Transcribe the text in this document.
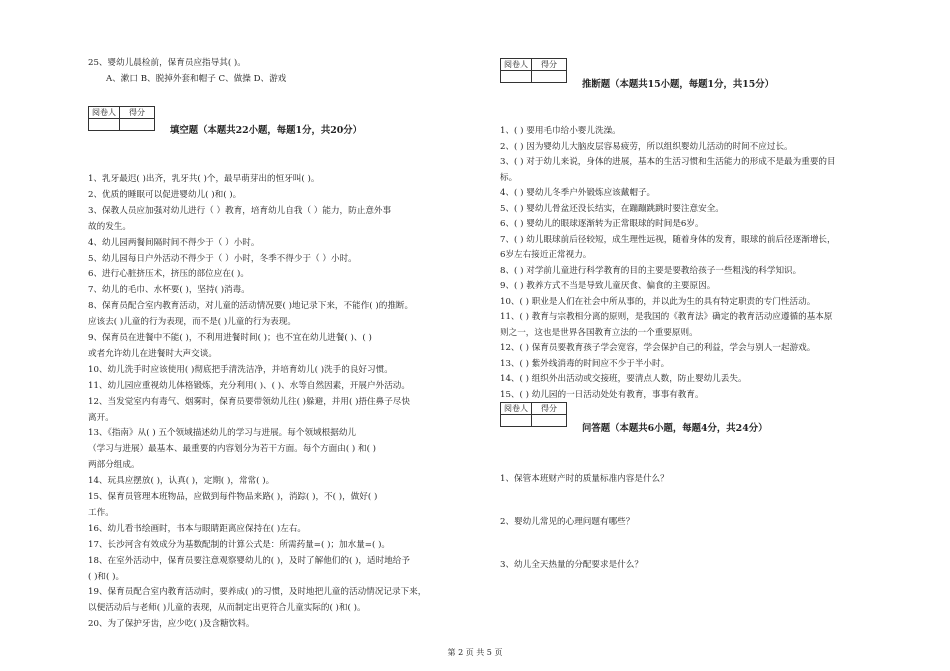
25、婴幼儿晨检前，保育员应指导其( )。
A、漱口 B、脱掉外套和帽子 C、做操 D、游戏
阅卷人	得分

填空题（本题共22小题，每题1分，共20分）
1、乳牙最迟( )出齐，乳牙共( )个，最早萌芽出的恒牙叫( )。
2、优质的睡眠可以促进婴幼儿( )和( )。
3、保教人员应加强对幼儿进行（ ）教育，培育幼儿自我（ ）能力，防止意外事
故的发生。
4、幼儿园两餐间隔时间不得少于（ ）小时。
5、幼儿园每日户外活动不得少于（ ）小时，冬季不得少于（ ）小时。
6、进行心脏挤压术，挤压的部位应在( )。
7、幼儿的毛巾、水杯要( )，坚持( )消毒。
8、保育员配合室内教育活动，对儿童的活动情况要( )地记录下来，不能作( )的推断。
应该去( )儿童的行为表现，而不是( )儿童的行为表现。
9、保育员在进餐中不能( )，不利用进餐时间( )；也不宜在幼儿进餐( )、( )
或者允许幼儿在进餐时大声交谈。
10、幼儿洗手时应该使用( )彻底把手清洗洁净，并培育幼儿( )洗手的良好习惯。
11、幼儿园应重视幼儿体格锻炼，充分利用( )、( )、水等自然因素，开展户外活动。
12、当发觉室内有毒气、烟雾时，保育员要带领幼儿往( )躲避，并用( )捂住鼻子尽快
离开。
13、《指南》从( ) 五个领域描述幼儿的学习与进展。每个领域根据幼儿
（学习与进展）最基本、最重要的内容划分为若干方面。每个方面由( ) 和( )
两部分组成。
14、玩具应摆放( )，认真( )，定期( )，常常( )。
15、保育员管理本班物品，应做到每件物品来路( )，消踪( )，不( )，做好( )
工作。
16、幼儿看书绘画时，书本与眼睛距离应保持在( )左右。
17、长沙河含有效成分为基数配制的计算公式是：所需药量=( )；加水量=( )。
18、在室外活动中，保育员要注意观察婴幼儿的( )，及时了解他们的( )，适时地给予
( )和( )。
19、保育员配合室内教育活动时，要养成( )的习惯，及时地把儿童的活动情况记录下来，
以便活动后与老师( )儿童的表现，从而制定出更符合儿童实际的( )和( )。
20、为了保护牙齿，应少吃( )及含糖饮料。
阅卷人	得分

推断题（本题共15小题，每题1分，共15分）
1、( ) 要用毛巾给小婴儿洗澡。
2、( ) 因为婴幼儿大脑皮层容易疲劳，所以组织婴幼儿活动的时间不应过长。
3、( ) 对于幼儿来说，身体的进展，基本的生活习惯和生活能力的形成不是最为重要的目
标。
4、( ) 婴幼儿冬季户外锻炼应该戴帽子。
5、( ) 婴幼儿骨盆还没长结实，在蹦蹦跳跳时要注意安全。
6、( ) 婴幼儿的眼球逐渐转为正常眼球的时间是6岁。
7、( ) 幼儿眼球前后径较短，成生理性远视，随着身体的发育，眼球的前后径逐渐增长，
6岁左右接近正常视力。
8、( ) 对学前儿童进行科学教育的目的主要是要教给孩子一些粗浅的科学知识。
9、( ) 教养方式不当是导致儿童厌食、偏食的主要原因。
10、( ) 职业是人们在社会中所从事的，并以此为生的具有特定职责的专门性活动。
11、( ) 教育与宗教相分离的原则，是我国的《教育法》确定的教育活动应遵循的基本原
则之一，这也是世界各国教育立法的一个重要原则。
12、( ) 保育员要教育孩子学会宽容，学会保护自己的利益，学会与别人一起游戏。
13、( ) 紫外线消毒的时间应不少于半小时。
14、( ) 组织外出活动或交接班，要清点人数，防止婴幼儿丢失。
15、( ) 幼儿园的一日活动处处有教育，事事有教育。
阅卷人	得分

问答题（本题共6小题，每题4分，共24分）
1、保管本班财产时的质量标准内容是什么？
2、婴幼儿常见的心理问题有哪些？
3、幼儿全天热量的分配要求是什么？
第 2 页 共 5 页
